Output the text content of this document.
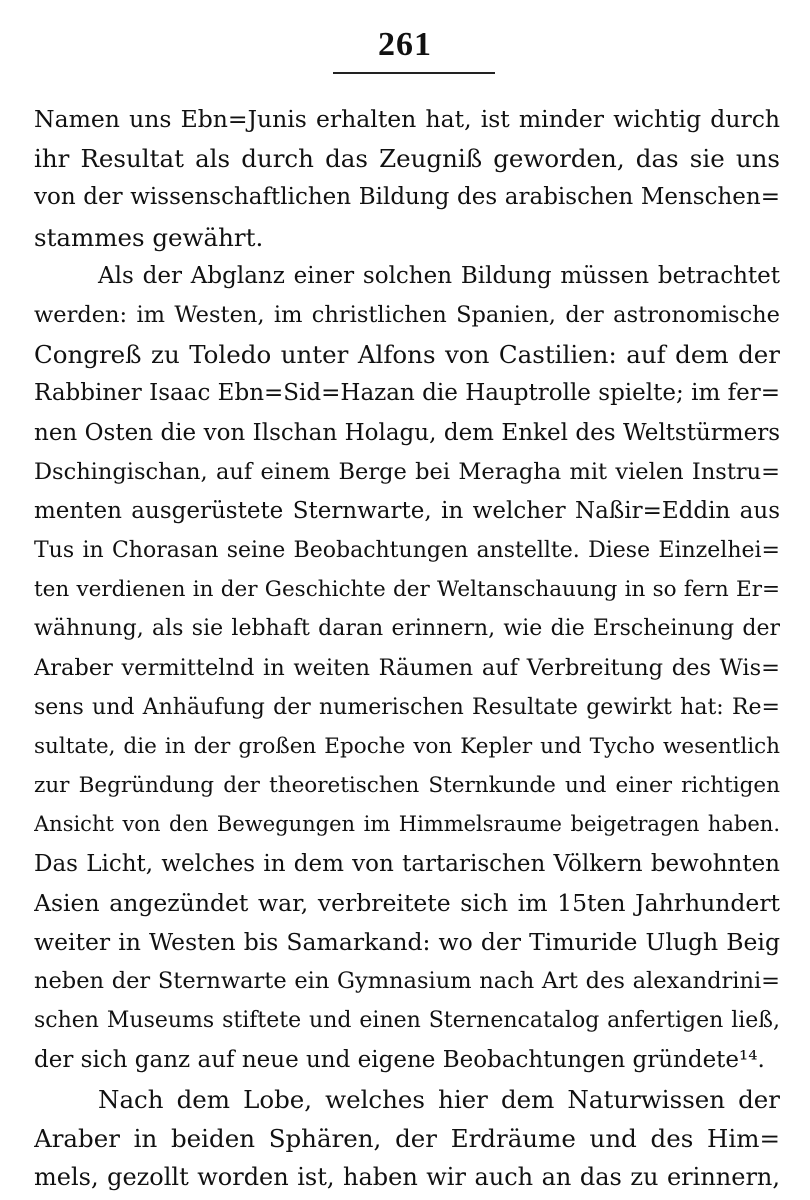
261
Namen uns Ebn=Junis erhalten hat, ist minder wichtig durch
ihr Resultat als durch das Zeugniß geworden, das sie uns
von der wissenschaftlichen Bildung des arabischen Menschen=
stammes gewährt.
Als der Abglanz einer solchen Bildung müssen betrachtet
werden: im Westen, im christlichen Spanien, der astronomische
Congreß zu Toledo unter Alfons von Castilien: auf dem der
Rabbiner Isaac Ebn=Sid=Hazan die Hauptrolle spielte; im fer=
nen Osten die von Ilschan Holagu, dem Enkel des Weltstürmers
Dschingischan, auf einem Berge bei Meragha mit vielen Instru=
menten ausgerüstete Sternwarte, in welcher Naßir=Eddin aus
Tus in Chorasan seine Beobachtungen anstellte. Diese Einzelhei=
ten verdienen in der Geschichte der Weltanschauung in so fern Er=
wähnung, als sie lebhaft daran erinnern, wie die Erscheinung der
Araber vermittelnd in weiten Räumen auf Verbreitung des Wis=
sens und Anhäufung der numerischen Resultate gewirkt hat: Re=
sultate, die in der großen Epoche von Kepler und Tycho wesentlich
zur Begründung der theoretischen Sternkunde und einer richtigen
Ansicht von den Bewegungen im Himmelsraume beigetragen haben.
Das Licht, welches in dem von tartarischen Völkern bewohnten
Asien angezündet war, verbreitete sich im 15ten Jahrhundert
weiter in Westen bis Samarkand: wo der Timuride Ulugh Beig
neben der Sternwarte ein Gymnasium nach Art des alexandrini=
schen Museums stiftete und einen Sternencatalog anfertigen ließ,
der sich ganz auf neue und eigene Beobachtungen gründete¹⁴.
Nach dem Lobe, welches hier dem Naturwissen der
Araber in beiden Sphären, der Erdräume und des Him=
mels, gezollt worden ist, haben wir auch an das zu erinnern,
